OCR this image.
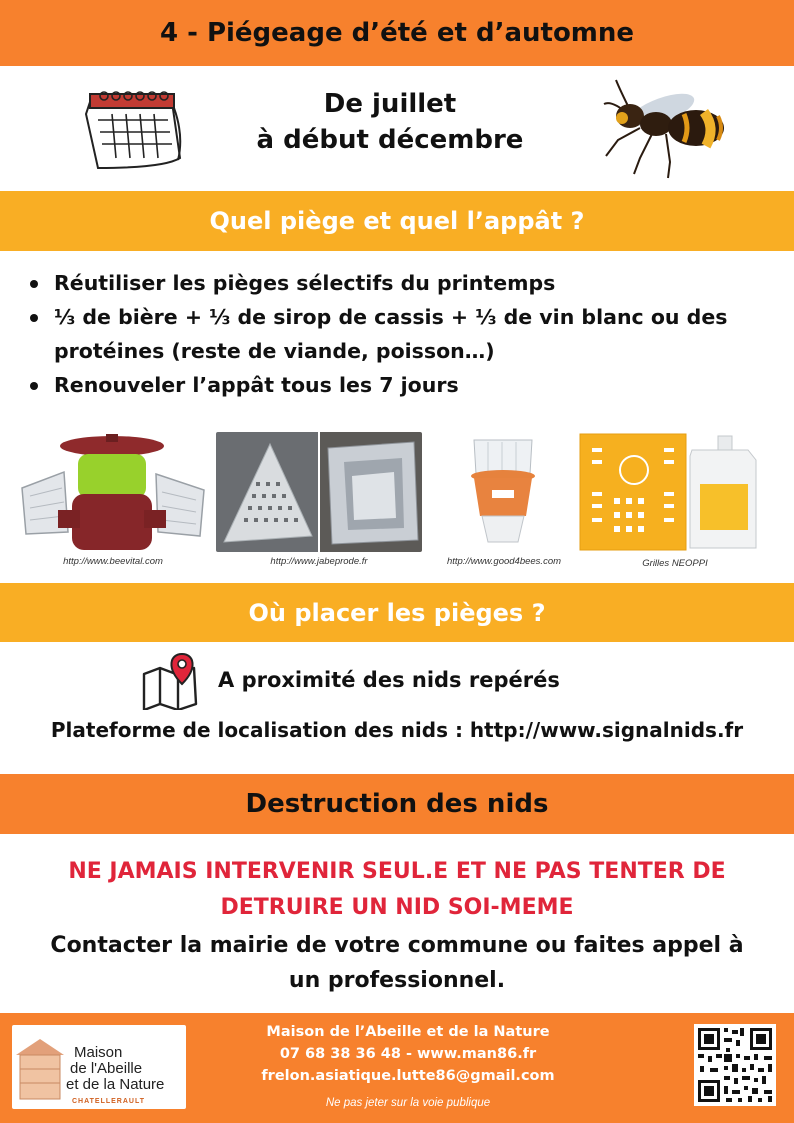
4 - Piégeage d’été et d’automne
De juillet
à début décembre
Quel piège et quel l’appât ?
Réutiliser les pièges sélectifs du printemps
⅓ de bière + ⅓ de sirop de cassis + ⅓ de vin blanc ou des protéines (reste de viande, poisson…)
Renouveler l’appât tous les 7 jours
http://www.beevital.com	http://www.jabeprode.fr	http://www.good4bees.com	Grilles NEOPPI
Où placer les pièges ?
A proximité des nids repérés
Plateforme de localisation des nids : http://www.signalnids.fr
Destruction des nids
NE JAMAIS INTERVENIR SEUL.E ET NE PAS TENTER DE
DETRUIRE UN NID SOI-MEME
Contacter la mairie de votre commune ou faites appel à
un professionnel.
Maison
de l'Abeille
et de la Nature
CHATELLERAULT
Maison de l’Abeille et de la Nature
07 68 38 36 48 - www.man86.fr
frelon.asiatique.lutte86@gmail.com
Ne pas jeter sur la voie publique
